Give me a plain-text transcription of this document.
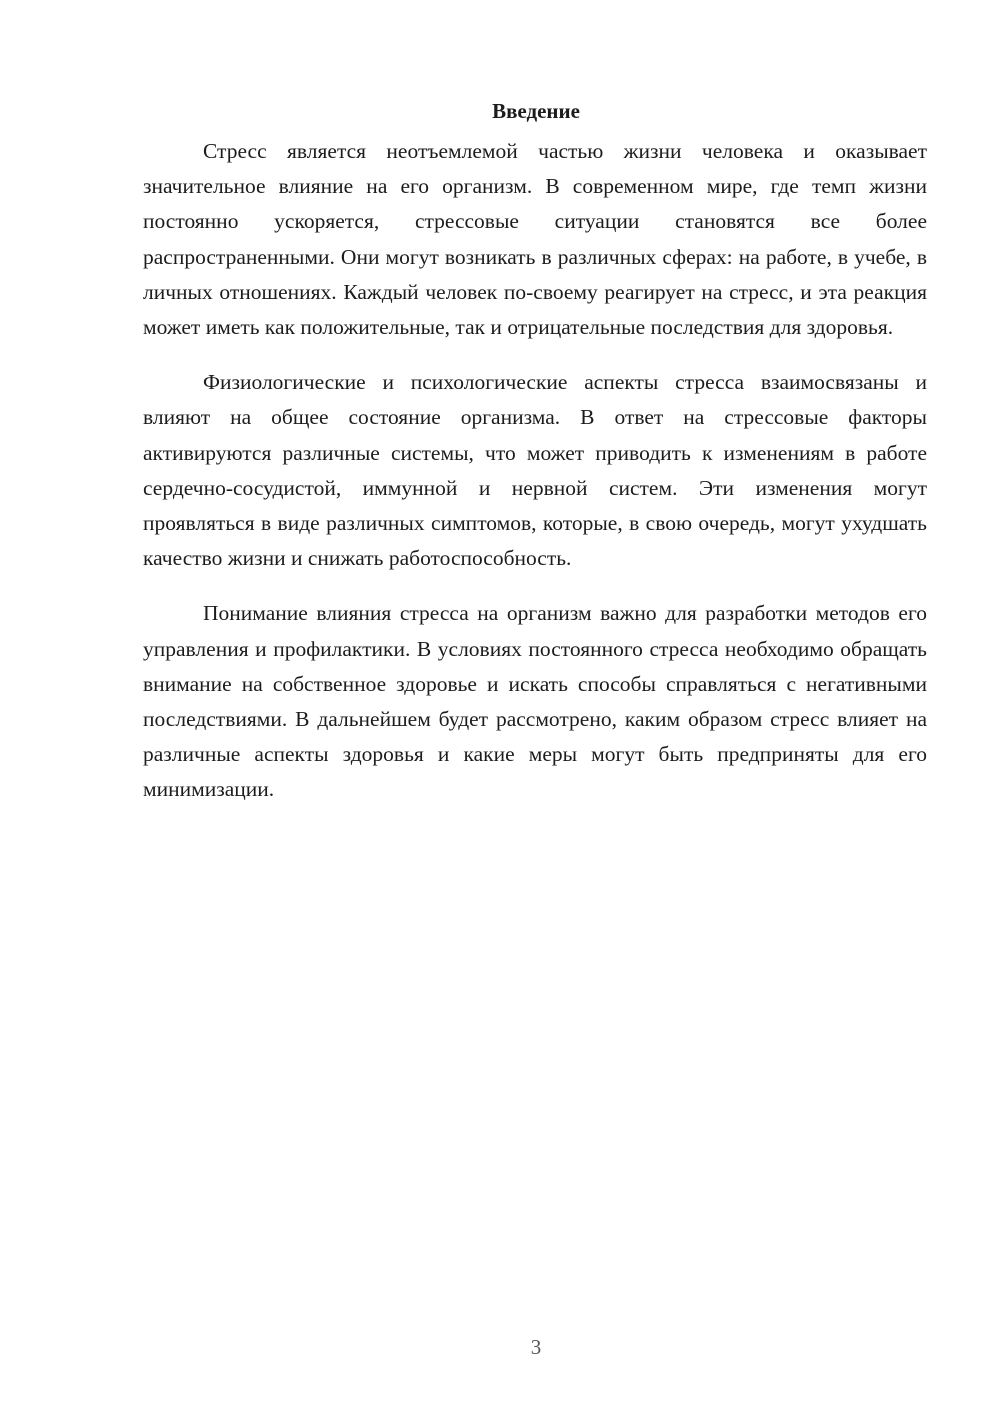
Введение

Стресс является неотъемлемой частью жизни человека и оказывает значительное влияние на его организм. В современном мире, где темп жизни постоянно ускоряется, стрессовые ситуации становятся все более распространенными. Они могут возникать в различных сферах: на работе, в учебе, в личных отношениях. Каждый человек по-своему реагирует на стресс, и эта реакция может иметь как положительные, так и отрицательные последствия для здоровья.

Физиологические и психологические аспекты стресса взаимосвязаны и влияют на общее состояние организма. В ответ на стрессовые факторы активируются различные системы, что может приводить к изменениям в работе сердечно-сосудистой, иммунной и нервной систем. Эти изменения могут проявляться в виде различных симптомов, которые, в свою очередь, могут ухудшать качество жизни и снижать работоспособность.

Понимание влияния стресса на организм важно для разработки методов его управления и профилактики. В условиях постоянного стресса необходимо обращать внимание на собственное здоровье и искать способы справляться с негативными последствиями. В дальнейшем будет рассмотрено, каким образом стресс влияет на различные аспекты здоровья и какие меры могут быть предприняты для его минимизации.

3
